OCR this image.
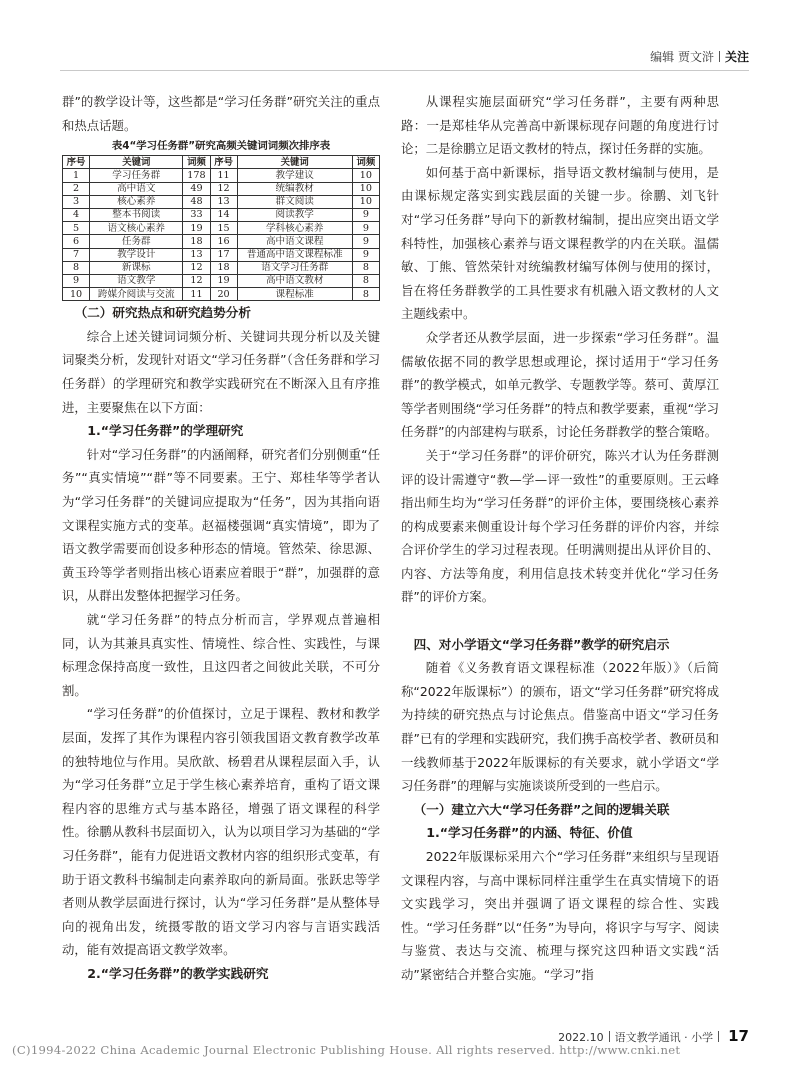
编辑 贾文浒 关注

群”的教学设计等，这些都是“学习任务群”研究关注的重点和热点话题。

表4“学习任务群”研究高频关键词词频次排序表
序号	关键词	词频	序号	关键词	词频
1	学习任务群	178	11	教学建议	10
2	高中语文	49	12	统编教材	10
3	核心素养	48	13	群文阅读	10
4	整本书阅读	33	14	阅读教学	9
5	语文核心素养	19	15	学科核心素养	9
6	任务群	18	16	高中语文课程	9
7	教学设计	13	17	普通高中语文课程标准	9
8	新课标	12	18	语文学习任务群	8
9	语文教学	12	19	高中语文教材	8
10	跨媒介阅读与交流	11	20	课程标准	8
（二）研究热点和研究趋势分析

综合上述关键词词频分析、关键词共现分析以及关键词聚类分析，发现针对语文“学习任务群”（含任务群和学习任务群）的学理研究和教学实践研究在不断深入且有序推进，主要聚焦在以下方面：

1.“学习任务群”的学理研究

针对“学习任务群”的内涵阐释，研究者们分别侧重“任务”“真实情境”“群”等不同要素。王宁、郑桂华等学者认为“学习任务群”的关键词应提取为“任务”，因为其指向语文课程实施方式的变革。赵福楼强调“真实情境”，即为了语文教学需要而创设多种形态的情境。管然荣、徐思源、黄玉玲等学者则指出核心语素应着眼于“群”，加强群的意识，从群出发整体把握学习任务。

就“学习任务群”的特点分析而言，学界观点普遍相同，认为其兼具真实性、情境性、综合性、实践性，与课标理念保持高度一致性，且这四者之间彼此关联，不可分割。

“学习任务群”的价值探讨，立足于课程、教材和教学层面，发挥了其作为课程内容引领我国语文教育教学改革的独特地位与作用。吴欣歆、杨碧君从课程层面入手，认为“学习任务群”立足于学生核心素养培育，重构了语文课程内容的思维方式与基本路径，增强了语文课程的科学性。徐鹏从教科书层面切入，认为以项目学习为基础的“学习任务群”，能有力促进语文教材内容的组织形式变革，有助于语文教科书编制走向素养取向的新局面。张跃忠等学者则从教学层面进行探讨，认为“学习任务群”是从整体导向的视角出发，统摄零散的语文学习内容与言语实践活动，能有效提高语文教学效率。

2.“学习任务群”的教学实践研究

从课程实施层面研究“学习任务群”，主要有两种思路：一是郑桂华从完善高中新课标现存问题的角度进行讨论；二是徐鹏立足语文教材的特点，探讨任务群的实施。

如何基于高中新课标，指导语文教材编制与使用，是由课标规定落实到实践层面的关键一步。徐鹏、刘飞针对“学习任务群”导向下的新教材编制，提出应突出语文学科特性，加强核心素养与语文课程教学的内在关联。温儒敏、丁熊、管然荣针对统编教材编写体例与使用的探讨，旨在将任务群教学的工具性要求有机融入语文教材的人文主题线索中。

众学者还从教学层面，进一步探索“学习任务群”。温儒敏依据不同的教学思想或理论，探讨适用于“学习任务群”的教学模式，如单元教学、专题教学等。蔡可、黄厚江等学者则围绕“学习任务群”的特点和教学要素，重视“学习任务群”的内部建构与联系，讨论任务群教学的整合策略。

关于“学习任务群”的评价研究，陈兴才认为任务群测评的设计需遵守“教—学—评一致性”的重要原则。王云峰指出师生均为“学习任务群”的评价主体，要围绕核心素养的构成要素来侧重设计每个学习任务群的评价内容，并综合评价学生的学习过程表现。任明满则提出从评价目的、内容、方法等角度，利用信息技术转变并优化“学习任务群”的评价方案。

四、对小学语文“学习任务群”教学的研究启示

随着《义务教育语文课程标准（2022年版）》（后简称“2022年版课标”）的颁布，语文“学习任务群”研究将成为持续的研究热点与讨论焦点。借鉴高中语文“学习任务群”已有的学理和实践研究，我们携手高校学者、教研员和一线教师基于2022年版课标的有关要求，就小学语文“学习任务群”的理解与实施谈谈所受到的一些启示。

（一）建立六大“学习任务群”之间的逻辑关联
1.“学习任务群”的内涵、特征、价值

2022年版课标采用六个“学习任务群”来组织与呈现语文课程内容，与高中课标同样注重学生在真实情境下的语文实践学习，突出并强调了语文课程的综合性、实践性。“学习任务群”以“任务”为导向，将识字与写字、阅读与鉴赏、表达与交流、梳理与探究这四种语文实践“活动”紧密结合并整合实施。“学习”指

2022.10 语文教学通讯 · 小学 17
(C)1994-2022 China Academic Journal Electronic Publishing House. All rights reserved. http://www.cnki.net
